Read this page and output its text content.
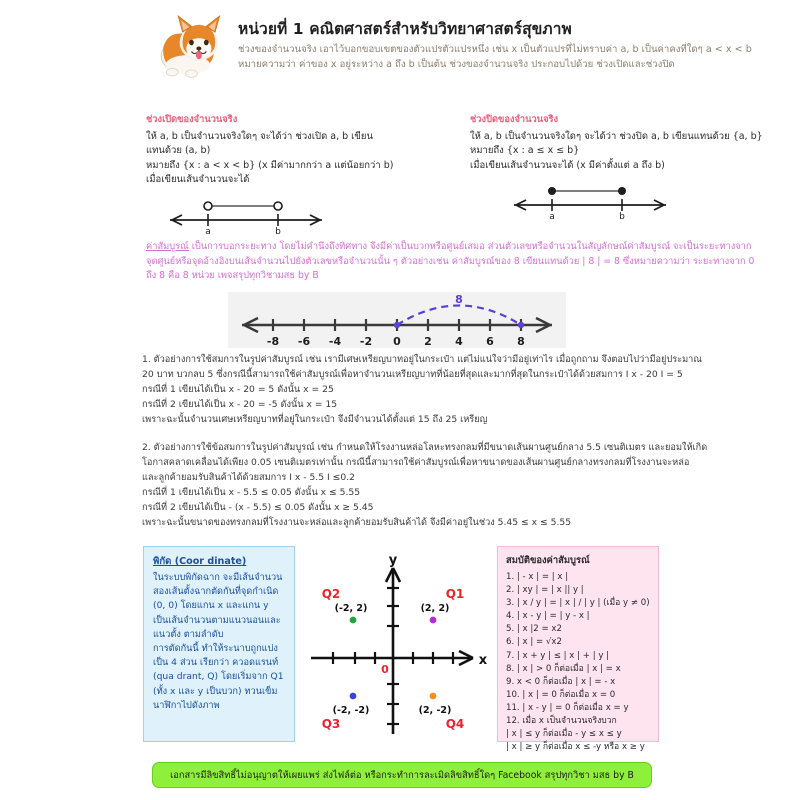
หน่วยที่ 1 คณิตศาสตร์สำหรับวิทยาศาสตร์สุขภาพ
ช่วงของจำนวนจริง เอาไว้บอกขอบเขตของตัวแปรตัวแปรหนึ่ง เช่น x เป็นตัวแปรที่ไม่ทราบค่า a, b เป็นค่าคงที่ใดๆ a < x < b หมายความว่า ค่าของ x อยู่ระหว่าง a ถึง b เป็นต้น ช่วงของจำนวนจริง ประกอบไปด้วย ช่วงเปิดและช่วงปิด
ช่วงเปิดของจำนวนจริง
ให้ a, b เป็นจำนวนจริงใดๆ จะได้ว่า ช่วงเปิด a, b เขียน
แทนด้วย (a, b)
หมายถึง {x : a < x < b} (x มีค่ามากกว่า a แต่น้อยกว่า b)
เมื่อเขียนเส้นจำนวนจะได้
a	b
ช่วงปิดของจำนวนจริง
ให้ a, b เป็นจำนวนจริงใดๆ จะได้ว่า ช่วงปิด a, b เขียนแทนด้วย {a, b}
หมายถึง {x : a ≤ x ≤ b}
เมื่อเขียนเส้นจำนวนจะได้ (x มีค่าตั้งแต่ a ถึง b)
a	b
ค่าสัมบูรณ์ เป็นการบอกระยะทาง โดยไม่คำนึงถึงทิศทาง จึงมีค่าเป็นบวกหรือศูนย์เสมอ ส่วนตัวเลขหรือจำนวนในสัญลักษณ์ค่าสัมบูรณ์ จะเป็นระยะทางจากจุดศูนย์หรือจุดอ้างอิงบนเส้นจำนวนไปยังตัวเลขหรือจำนวนนั้น ๆ ตัวอย่างเช่น ค่าสัมบูรณ์ของ 8 เขียนแทนด้วย | 8 | = 8 ซึ่งหมายความว่า ระยะทางจาก 0 ถึง 8 คือ 8 หน่วย เพจสรุปทุกวิชามสธ by B
-8 -6 -4 -2 0 2 4 6 8
8
1. ตัวอย่างการใช้สมการในรูปค่าสัมบูรณ์ เช่น เรามีเศษเหรียญบาทอยู่ในกระเป๋า แต่ไม่แน่ใจว่ามีอยู่เท่าไร เมื่อถูกถาม จึงตอบไปว่ามีอยู่ประมาณ
20 บาท บวกลบ 5 ซึ่งกรณีนี้สามารถใช้ค่าสัมบูรณ์เพื่อหาจำนวนเหรียญบาทที่น้อยที่สุดและมากที่สุดในกระเป๋าได้ด้วยสมการ I x - 20 I = 5
กรณีที่ 1 เขียนได้เป็น x - 20 = 5 ดังนั้น x = 25
กรณีที่ 2 เขียนได้เป็น x - 20 = -5 ดังนั้น x = 15
เพราะฉะนั้นจำนวนเศษเหรียญบาทที่อยู่ในกระเป๋า จึงมีจำนวนได้ตั้งแต่ 15 ถึง 25 เหรียญ
2. ตัวอย่างการใช้ข้อสมการในรูปค่าสัมบูรณ์ เช่น กำหนดให้โรงงานหล่อโลหะทรงกลมที่มีขนาดเส้นผานศูนย์กลาง 5.5 เซนติเมตร และยอมให้เกิด
โอกาสคลาดเคลื่อนได้เพียง 0.05 เซนติเมตรเท่านั้น กรณีนี้สามารถใช้ค่าสัมบูรณ์เพื่อหาขนาดของเส้นผานศูนย์กลางทรงกลมที่โรงงานจะหล่อ
และลูกค้ายอมรับสินค้าได้ด้วยสมการ I x - 5.5 I ≤0.2
กรณีที่ 1 เขียนได้เป็น x - 5.5 ≤ 0.05 ดังนั้น x ≤ 5.55
กรณีที่ 2 เขียนได้เป็น - (x - 5.5) ≤ 0.05 ดังนั้น x ≥ 5.45
เพราะฉะนั้นขนาดของทรงกลมที่โรงงานจะหล่อและลูกค้ายอมรับสินค้าได้ จึงมีค่าอยู่ในช่วง 5.45 ≤ x ≤ 5.55
พิกัด (Coor dinate)
ในระบบพิกัดฉาก จะมีเส้นจำนวน
สองเส้นตั้งฉากตัดกันที่จุดกำเนิด
(0, 0) โดยแกน x และแกน y
เป็นเส้นจำนวนตามแนวนอนและ
แนวตั้ง ตามลำดับ
การตัดกันนี้ ทำให้ระนาบถูกแบ่ง
เป็น 4 ส่วน เรียกว่า ควอดแรนท์
(qua drant, Q) โดยเริ่มจาก Q1
(ทั้ง x และ y เป็นบวก) ทวนเข็ม
นาฬิกาไปดังภาพ
x
y
0
Q1
Q2
Q3	Q4
(2, 2)
(-2, 2)
(-2, -2)	(2, -2)
สมบัติของค่าสัมบูรณ์
1. | - x | = | x |
2. | xy | = | x || y |
3. | x / y | = | x | / | y | (เมื่อ y ≠ 0)
4. | x - y | = | y - x |
5. | x |2 = x2
6. | x | = √x2
7. | x + y | ≤ | x | + | y |
8. | x | > 0 ก็ต่อเมื่อ | x | = x
9. x < 0 ก็ต่อเมื่อ | x | = - x
10. | x | = 0 ก็ต่อเมื่อ x = 0
11. | x - y | = 0 ก็ต่อเมื่อ x = y
12. เมื่อ x เป็นจำนวนจริงบวก
| x | ≤ y ก็ต่อเมื่อ - y ≤ x ≤ y
| x | ≥ y ก็ต่อเมื่อ x ≤ -y หรือ x ≥ y
เอกสารมีลิขสิทธิ์ไม่อนุญาตให้เผยแพร่ ส่งไฟล์ต่อ หรือกระทำการละเมิดลิขสิทธิ์ใดๆ Facebook สรุปทุกวิชา มสธ by B
